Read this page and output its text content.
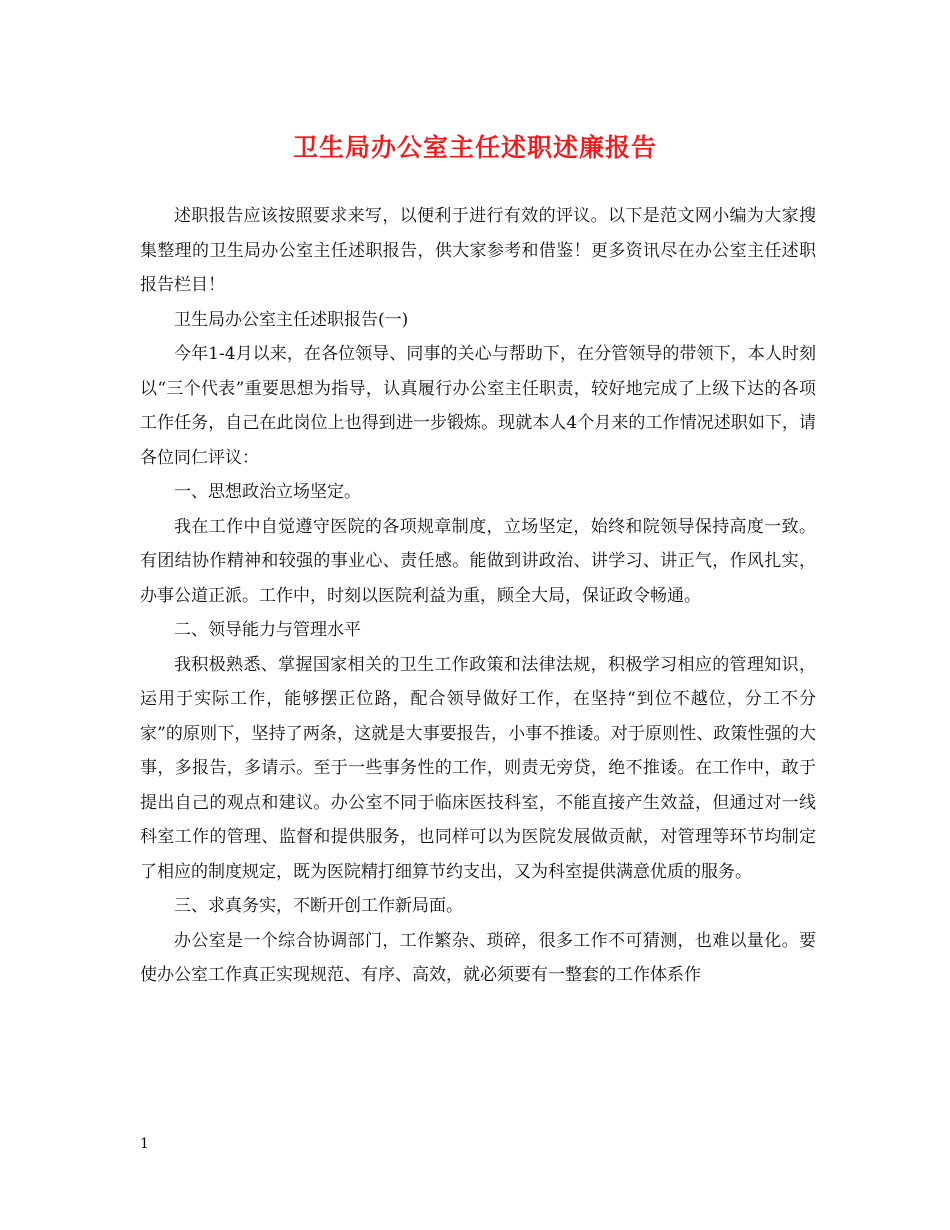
卫生局办公室主任述职述廉报告

述职报告应该按照要求来写，以便利于进行有效的评议。以下是范文网小编为大家搜集整理的卫生局办公室主任述职报告，供大家参考和借鉴！更多资讯尽在办公室主任述职报告栏目！

卫生局办公室主任述职报告(一)

今年1-4月以来，在各位领导、同事的关心与帮助下，在分管领导的带领下，本人时刻以“三个代表”重要思想为指导，认真履行办公室主任职责，较好地完成了上级下达的各项工作任务，自己在此岗位上也得到进一步锻炼。现就本人4个月来的工作情况述职如下，请各位同仁评议：

一、思想政治立场坚定。

我在工作中自觉遵守医院的各项规章制度，立场坚定，始终和院领导保持高度一致。有团结协作精神和较强的事业心、责任感。能做到讲政治、讲学习、讲正气，作风扎实，办事公道正派。工作中，时刻以医院利益为重，顾全大局，保证政令畅通。

二、领导能力与管理水平

我积极熟悉、掌握国家相关的卫生工作政策和法律法规，积极学习相应的管理知识，运用于实际工作，能够摆正位路，配合领导做好工作，在坚持“到位不越位，分工不分家”的原则下，坚持了两条，这就是大事要报告，小事不推诿。对于原则性、政策性强的大事，多报告，多请示。至于一些事务性的工作，则责无旁贷，绝不推诿。在工作中，敢于提出自己的观点和建议。办公室不同于临床医技科室，不能直接产生效益，但通过对一线科室工作的管理、监督和提供服务，也同样可以为医院发展做贡献，对管理等环节均制定了相应的制度规定，既为医院精打细算节约支出，又为科室提供满意优质的服务。

三、求真务实，不断开创工作新局面。

办公室是一个综合协调部门，工作繁杂、琐碎，很多工作不可猜测，也难以量化。要使办公室工作真正实现规范、有序、高效，就必须要有一整套的工作体系作

1
